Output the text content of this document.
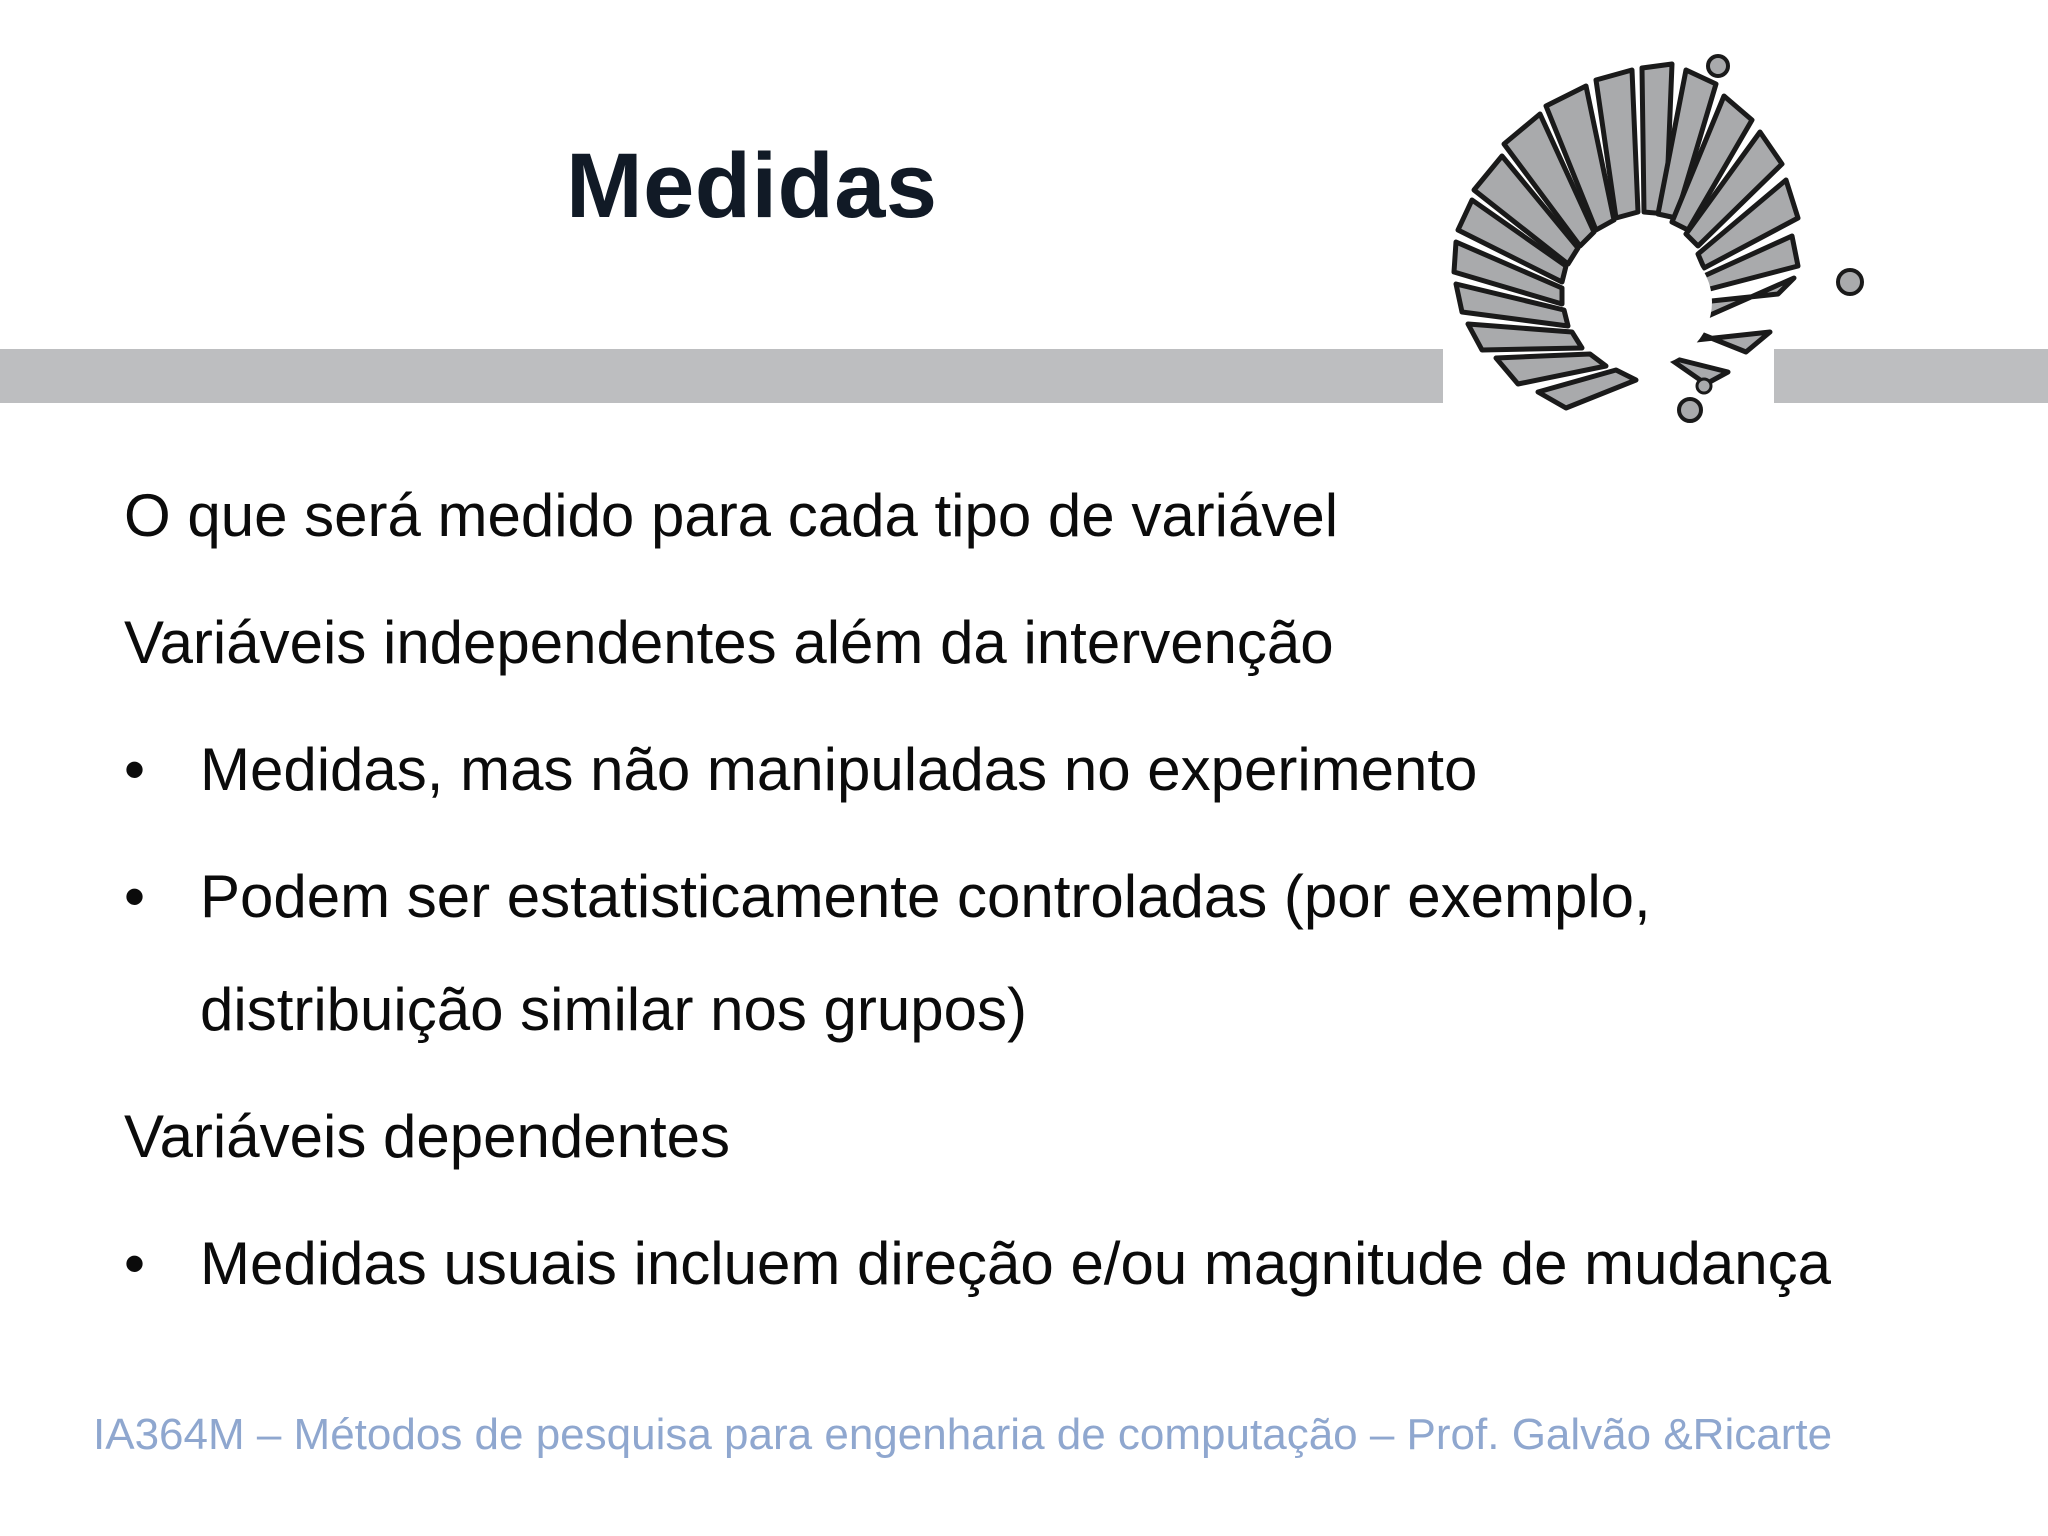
Medidas
O que será medido para cada tipo de variável
Variáveis independentes além da intervenção
• Medidas, mas não manipuladas no experimento
• Podem ser estatisticamente controladas (por exemplo,
distribuição similar nos grupos)
Variáveis dependentes
• Medidas usuais incluem direção e/ou magnitude de mudança
IA364M – Métodos de pesquisa para engenharia de computação – Prof. Galvão &Ricarte
